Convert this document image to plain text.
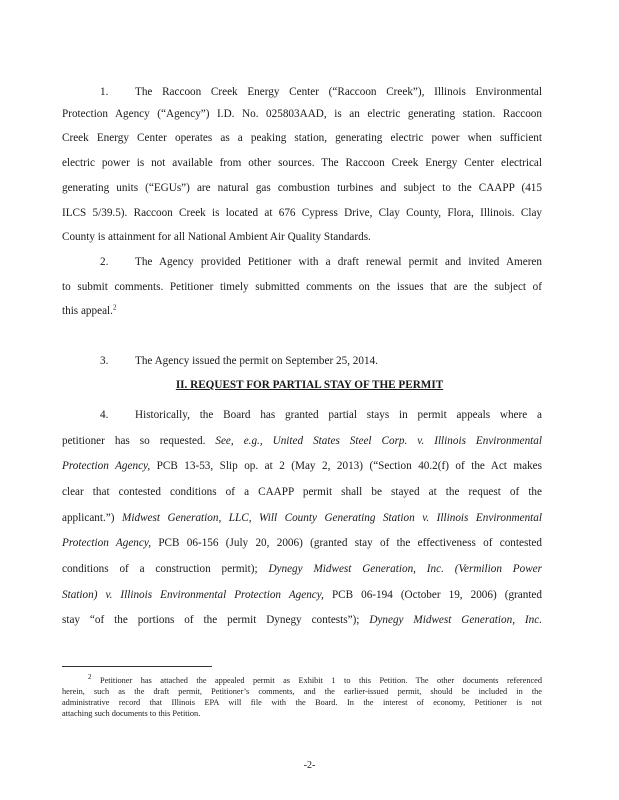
1. The Raccoon Creek Energy Center (“Raccoon Creek”), Illinois Environmental
Protection Agency (“Agency”) I.D. No. 025803AAD, is an electric generating station. Raccoon
Creek Energy Center operates as a peaking station, generating electric power when sufficient
electric power is not available from other sources. The Raccoon Creek Energy Center electrical
generating units (“EGUs”) are natural gas combustion turbines and subject to the CAAPP (415
ILCS 5/39.5). Raccoon Creek is located at 676 Cypress Drive, Clay County, Flora, Illinois. Clay
County is attainment for all National Ambient Air Quality Standards.
2. The Agency provided Petitioner with a draft renewal permit and invited Ameren
to submit comments. Petitioner timely submitted comments on the issues that are the subject of
this appeal.$^2$
3. The Agency issued the permit on September 25, 2014.
II. REQUEST FOR PARTIAL STAY OF THE PERMIT
4. Historically, the Board has granted partial stays in permit appeals where a
petitioner has so requested. See, e.g., United States Steel Corp. v. Illinois Environmental
Protection Agency, PCB 13-53, Slip op. at 2 (May 2, 2013) (“Section 40.2(f) of the Act makes
clear that contested conditions of a CAAPP permit shall be stayed at the request of the
applicant.”) Midwest Generation, LLC, Will County Generating Station v. Illinois Environmental
Protection Agency, PCB 06-156 (July 20, 2006) (granted stay of the effectiveness of contested
conditions of a construction permit); Dynegy Midwest Generation, Inc. (Vermilion Power
Station) v. Illinois Environmental Protection Agency, PCB 06-194 (October 19, 2006) (granted
stay “of the portions of the permit Dynegy contests”); Dynegy Midwest Generation, Inc.
$^2$ Petitioner has attached the appealed permit as Exhibit 1 to this Petition. The other documents referenced
herein, such as the draft permit, Petitioner’s comments, and the earlier-issued permit, should be included in the
administrative record that Illinois EPA will file with the Board. In the interest of economy, Petitioner is not
attaching such documents to this Petition.
-2-
